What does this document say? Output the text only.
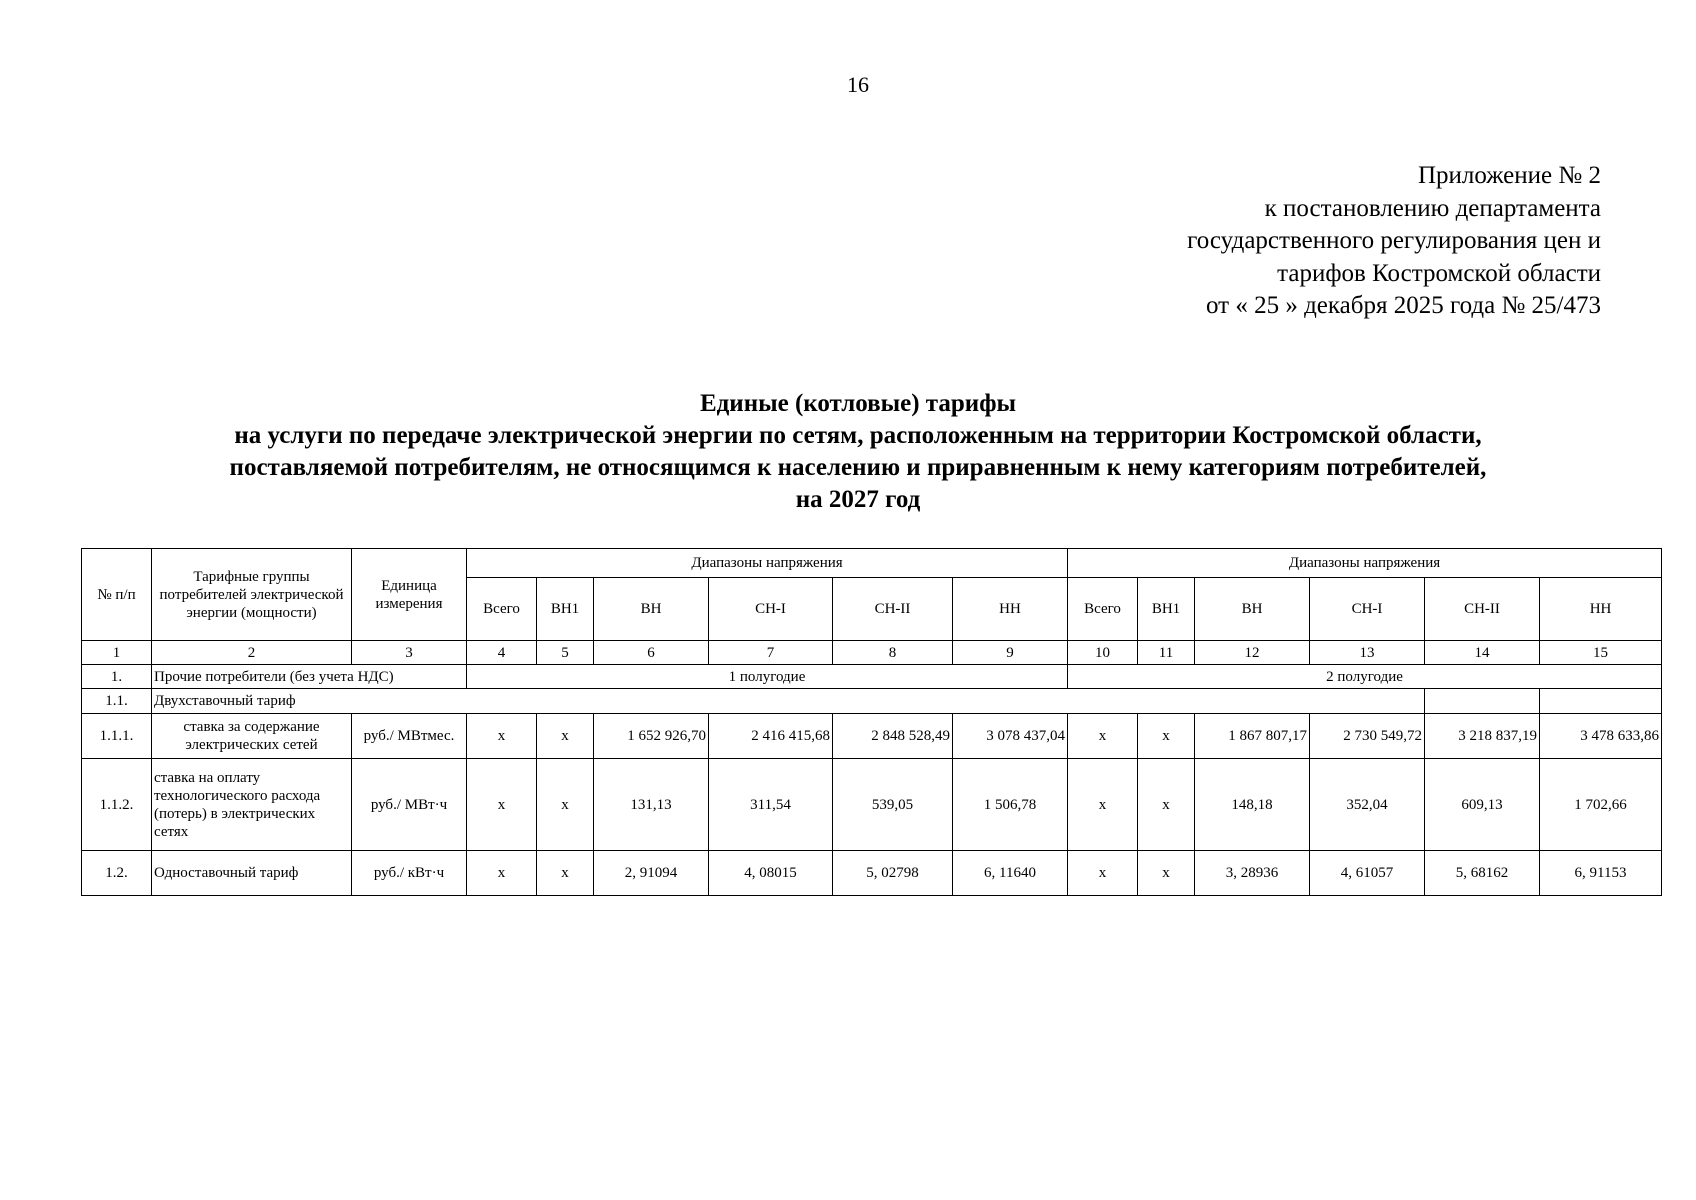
16
Приложение № 2
к постановлению департамента
государственного регулирования цен и
тарифов Костромской области
от « 25 » декабря 2025 года № 25/473
Единые (котловые) тарифы
на услуги по передаче электрической энергии по сетям, расположенным на территории Костромской области,
поставляемой потребителям, не относящимся к населению и приравненным к нему категориям потребителей,
на 2027 год
№ п/п	Тарифные группы потребителей электрической энергии (мощности)	Единица измерения	Диапазоны напряжения						Диапазоны напряжения					
			Всего	ВН1	ВН	СН-I	СН-II	НН	Всего	ВН1	ВН	СН-I	СН-II	НН
1	2	3	4	5	6	7	8	9	10	11	12	13	14	15
1.	Прочие потребители (без учета НДС)		1 полугодие						2 полугодие					
1.1.	Двухставочный тариф													
1.1.1.	ставка за содержание электрических сетей	руб./ МВтмес.	х	х	1 652 926,70	2 416 415,68	2 848 528,49	3 078 437,04	х	х	1 867 807,17	2 730 549,72	3 218 837,19	3 478 633,86
1.1.2.	ставка на оплату технологического расхода (потерь) в электрических сетях	руб./ МВт·ч	х	х	131,13	311,54	539,05	1 506,78	х	х	148,18	352,04	609,13	1 702,66
1.2.	Одноставочный тариф	руб./ кВт·ч	х	х	2, 91094	4, 08015	5, 02798	6, 11640	х	х	3, 28936	4, 61057	5, 68162	6, 91153
